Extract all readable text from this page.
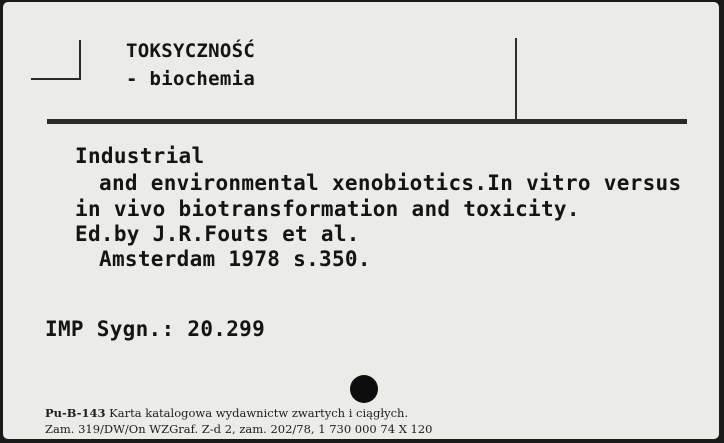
TOKSYCZNOŚĆ

- biochemia

Industrial

and environmental xenobiotics.In vitro versus

in vivo biotransformation and toxicity.

Ed.by J.R.Fouts et al.

Amsterdam 1978 s.350.

IMP Sygn.: 20.299

Pu-B-143 Karta katalogowa wydawnictw zwartych i ciągłych.
Zam. 319/DW/On WZGraf. Z-d 2, zam. 202/78, 1 730 000 74 X 120
